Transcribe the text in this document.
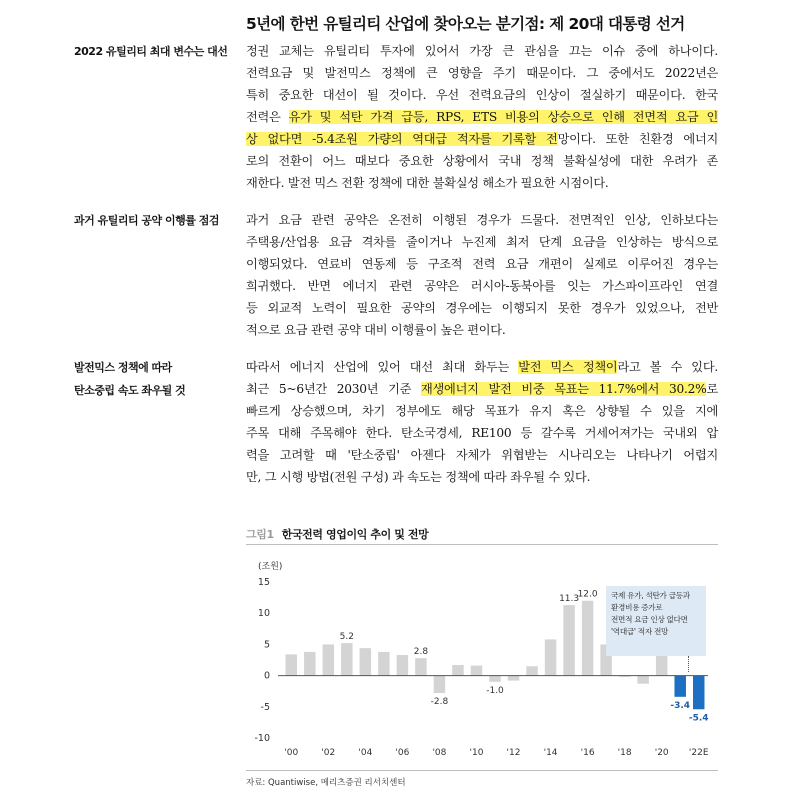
5년에 한번 유틸리티 산업에 찾아오는 분기점: 제 20대 대통령 선거
2022 유틸리티 최대 변수는 대선 정권 교체는 유틸리티 투자에 있어서 가장 큰 관심을 끄는 이슈 중에 하나이다.
전력요금 및 발전믹스 정책에 큰 영향을 주기 때문이다. 그 중에서도 2022년은
특히 중요한 대선이 될 것이다. 우선 전력요금의 인상이 절실하기 때문이다. 한국
전력은 유가 및 석탄 가격 급등, RPS, ETS 비용의 상승으로 인해 전면적 요금 인
상 없다면 -5.4조원 가량의 역대급 적자를 기록할 전망이다. 또한 친환경 에너지
로의 전환이 어느 때보다 중요한 상황에서 국내 정책 불확실성에 대한 우려가 존
재한다. 발전 믹스 전환 정책에 대한 불확실성 해소가 필요한 시점이다.
과거 유틸리티 공약 이행률 점검 과거 요금 관련 공약은 온전히 이행된 경우가 드물다. 전면적인 인상, 인하보다는
주택용/산업용 요금 격차를 줄이거나 누진제 최저 단계 요금을 인상하는 방식으로
이행되었다. 연료비 연동제 등 구조적 전력 요금 개편이 실제로 이루어진 경우는
희귀했다. 반면 에너지 관련 공약은 러시아-동북아를 잇는 가스파이프라인 연결
등 외교적 노력이 필요한 공약의 경우에는 이행되지 못한 경우가 있었으나, 전반
적으로 요금 관련 공약 대비 이행률이 높은 편이다.
발전믹스 정책에 따라
탄소중립 속도 좌우될 것
따라서 에너지 산업에 있어 대선 최대 화두는 발전 믹스 정책이라고 볼 수 있다.
최근 5~6년간 2030년 기준 재생에너지 발전 비중 목표는 11.7%에서 30.2%로
빠르게 상승했으며, 차기 정부에도 해당 목표가 유지 혹은 상향될 수 있을 지에
주목 대해 주목해야 한다. 탄소국경세, RE100 등 갈수록 거세어져가는 국내외 압
력을 고려할 때 '탄소중립' 아젠다 자체가 위협받는 시나리오는 나타나기 어렵지
만, 그 시행 방법(전원 구성) 과 속도는 정책에 따라 좌우될 수 있다.
그림1 한국전력 영업이익 추이 및 전망
(조원)
15
10
5
0
-5
-10
5.2
2.8
-2.8
-1.0
11.3
12.0
-3.4
-5.4
'00	'02	'04	'06	'08	'10	'12	'14	'16	'18	'20 '22E
국제 유가, 석탄가 급등과
환경비용 증가로
전면적 요금 인상 없다면
'역대급' 적자 전망
자료: Quantiwise, 메리츠증권 리서치센터
